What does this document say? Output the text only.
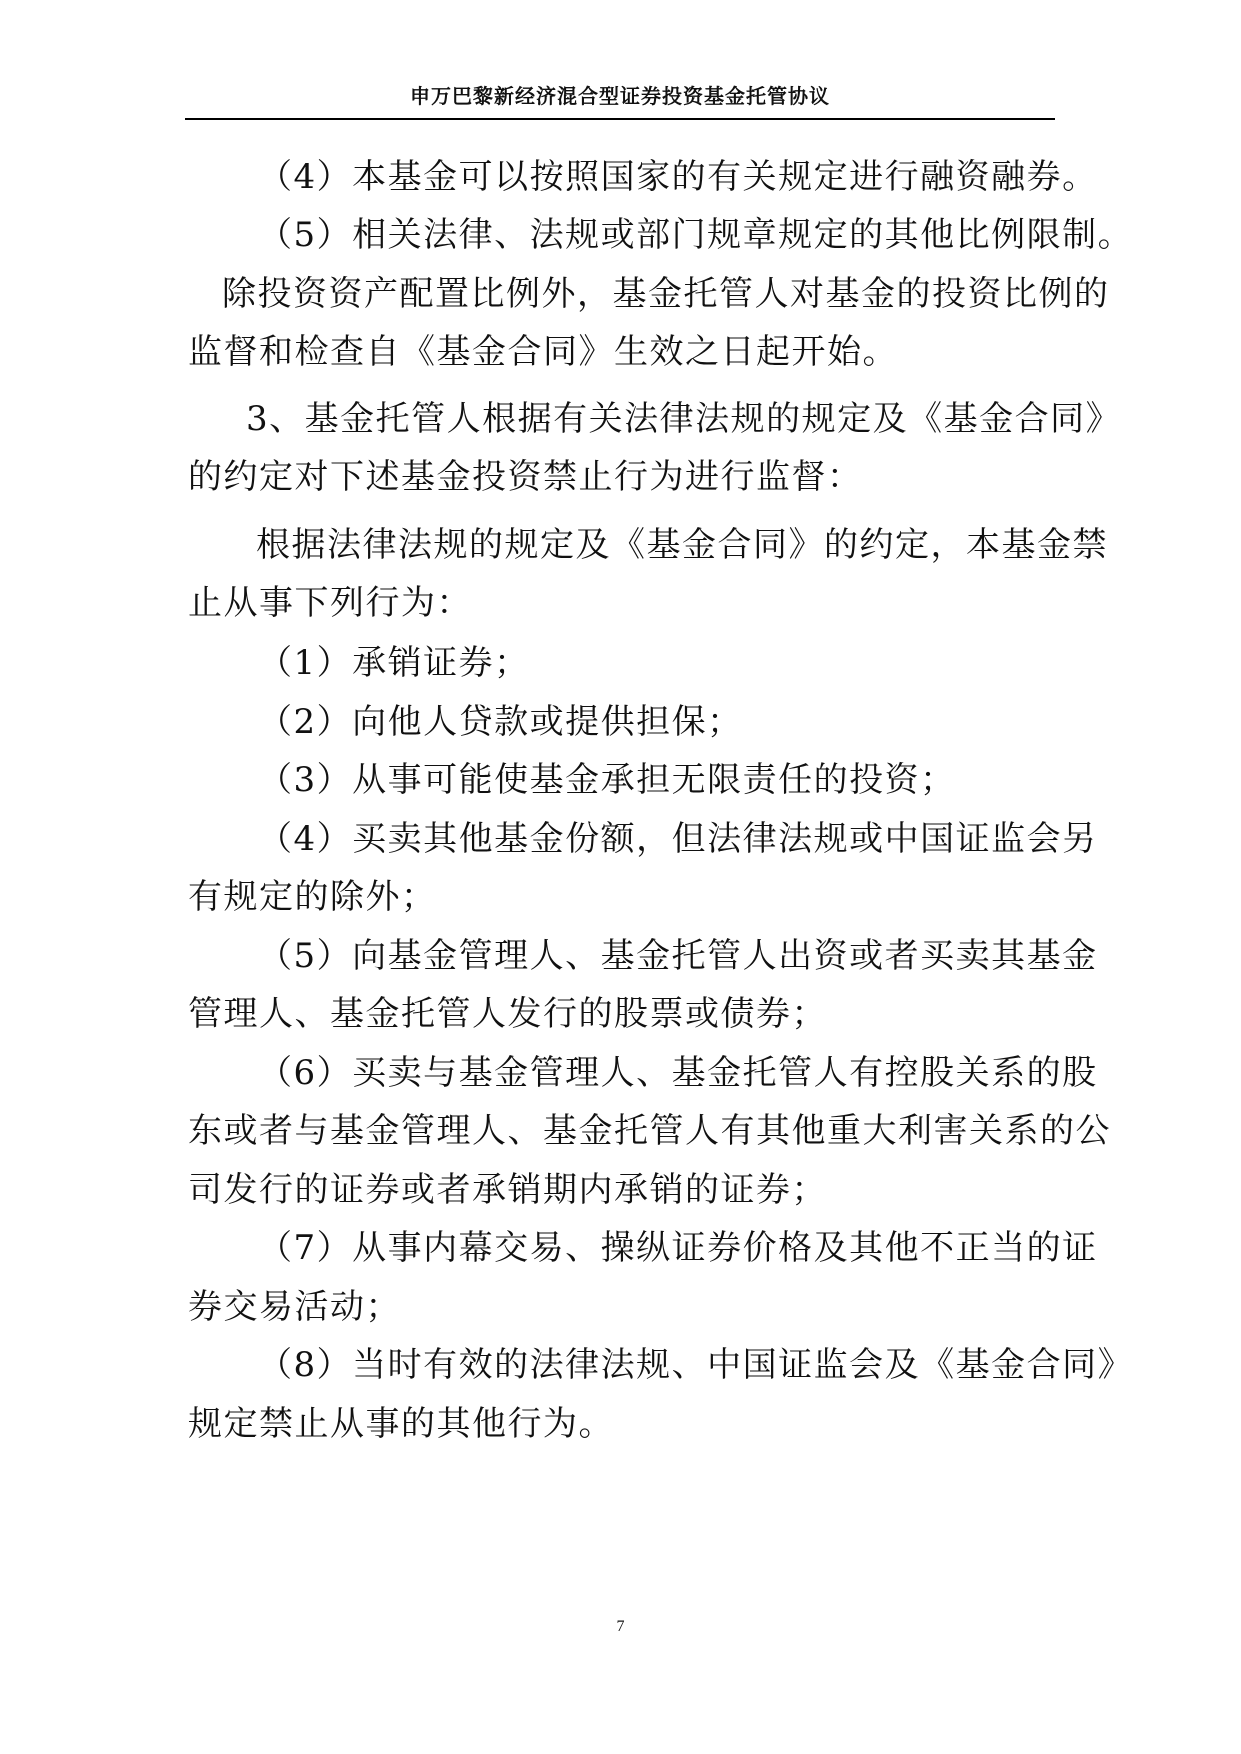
申万巴黎新经济混合型证券投资基金托管协议
（4）本基金可以按照国家的有关规定进行融资融券。
（5）相关法律、法规或部门规章规定的其他比例限制。
除投资资产配置比例外，基金托管人对基金的投资比例的
监督和检查自《基金合同》生效之日起开始。
3、基金托管人根据有关法律法规的规定及《基金合同》
的约定对下述基金投资禁止行为进行监督：
根据法律法规的规定及《基金合同》的约定，本基金禁
止从事下列行为：
（1）承销证券；
（2）向他人贷款或提供担保；
（3）从事可能使基金承担无限责任的投资；
（4）买卖其他基金份额，但法律法规或中国证监会另
有规定的除外；
（5）向基金管理人、基金托管人出资或者买卖其基金
管理人、基金托管人发行的股票或债券；
（6）买卖与基金管理人、基金托管人有控股关系的股
东或者与基金管理人、基金托管人有其他重大利害关系的公
司发行的证券或者承销期内承销的证券；
（7）从事内幕交易、操纵证券价格及其他不正当的证
券交易活动；
（8）当时有效的法律法规、中国证监会及《基金合同》
规定禁止从事的其他行为。
7
